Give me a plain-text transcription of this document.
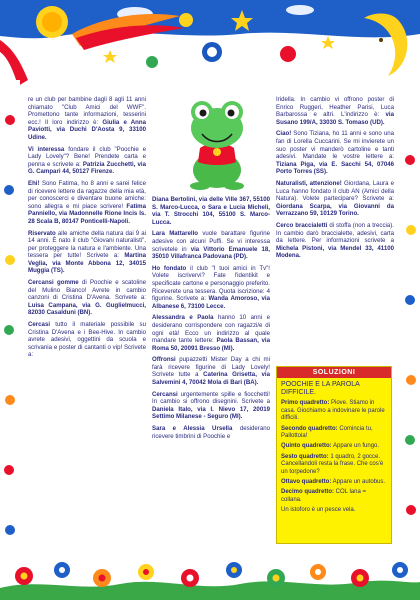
re un club per bambine dagli 8 agli 11 anni chiamato "Club Amici del WWF". Promettono tante informazioni, tesserini ecc.! Il loro indirizzo è: Giulia e Anna Paviotti, via Duchi D'Aosta 9, 33100 Udine.

Vi interessa fondare il club "Poochie e Lady Lovely"? Bene! Prendete carta e penna e scrivete a: Patrizia Zucchetti, via G. Campari 44, 50127 Firenze.

Ehi! Sono Fatima, ho 8 anni e sarei felice di ricevere lettere da ragazze della mia età, per conoscerci e diventare buone amiche: sono allegra e mi piace scrivere! Fatima Panniello, via Madonnelle Rione Incis Is. 28 Scala B, 80147 Ponticelli-Napoli.

Riservato alle amiche della natura dai 9 ai 14 anni. È nato il club "Giovani naturalisti", per proteggere la natura e l'ambiente. Una tessera per tutte! Scrivete a: Martina Veglia, via Monte Abbona 12, 34015 Muggia (TS).

Cercansi gomme di Poochie e scatoline del Mulino Bianco! Avrete in cambio canzoni di Cristina D'Avena. Scrivete a: Luisa Campana, via G. Guglielmucci, 82030 Casalduni (BN).

Cercasi tutto il materiale possibile su Cristina D'Avena e i Bee-Hive. In cambio avrete adesivi, oggettini da scuola e scrivania e poster di cantanti o vip! Scrivete a:

Diana Bertolini, via delle Ville 367, 55100 S. Marco-Lucca, o Sara e Lucia Micheli, via T. Strocchi 104, 55100 S. Marco-Lucca.

Lara Mattarello vuole barattare figurine adesive con alcuni Puffi. Se vi interessa scrivetele in via Vittorio Emanuele 18, 35010 Villafranca Padovana (PD).

Ho fondato il club "I tuoi amici in Tv"! Volete iscrivervi? Fate l'identikit e specificate cartone e personaggio preferito. Riceverete una tessera. Quota iscrizione: 4 figurine. Scrivete a: Wanda Amoroso, via Albanese 6, 73100 Lecce.

Alessandra e Paola hanno 10 anni e desiderano corrispondere con ragazzi/e di ogni età! Ecco un indirizzo al quale mandare tante lettere: Paola Bassan, via Roma 50, 20091 Bresso (MI).

Offronsi pupazzetti Mister Day a chi mi farà ricevere figurine di Lady Lovely! Scrivete tutte a Caterina Grisetta, via Salvemini 4, 70042 Mola di Bari (BA).

Cercansi urgentemente spille e fiocchetti! In cambio si offrono disegnini. Scrivete a Daniela Italo, via I. Nievo 17, 20019 Settimo Milanese - Seguro (MI).

Sara e Alessia Ursella desiderano ricevere timbrini di Poochie e

Iridella. In cambio vi offrono poster di Enrico Ruggeri, Heather Parisi, Luca Barbarossa e altri. L'indirizzo è: via Susano 199/A, 33030 S. Tomaso (UD).

Ciao! Sono Tiziana, ho 11 anni e sono una fan di Lorella Cuccarini. Se mi invierete un suo poster vi manderò cartoline e tanti adesivi. Mandate le vostre lettere a: Tiziana Piga, via E. Sacchi 54, 07046 Porto Torres (SS).

Naturalisti, attenzione! Giordana, Laura e Luca hanno fondato il club AN (Amici della Natura). Volete partecipare? Scrivete a: Giordana Scarpa, via Giovanni da Verrazzano 59, 10129 Torino.

Cerco braccialetti di stoffa (non a treccia). In cambio darò braccialette, adesivi, carta da lettere. Per informazioni scrivete a Michela Pistoni, via Mendel 33, 41100 Modena.

SOLUZIONI
POOCHIE E LA PAROLA DIFFICILE.

Primo quadretto: Piove. Stiamo in casa. Giochiamo a indovinare le parole difficili.

Secondo quadretto: Comincia tu, Pallottola!

Quinto quadretto: Appare un fungo.

Sesto quadretto: 1 quadro, 2 gocce. Cancellandoli resta la frase. Che cos'è un torpedone?

Ottavo quadretto: Appare un autobus.

Decimo quadretto: COL lana = collana.

Un istoforo è un pesce vela.
